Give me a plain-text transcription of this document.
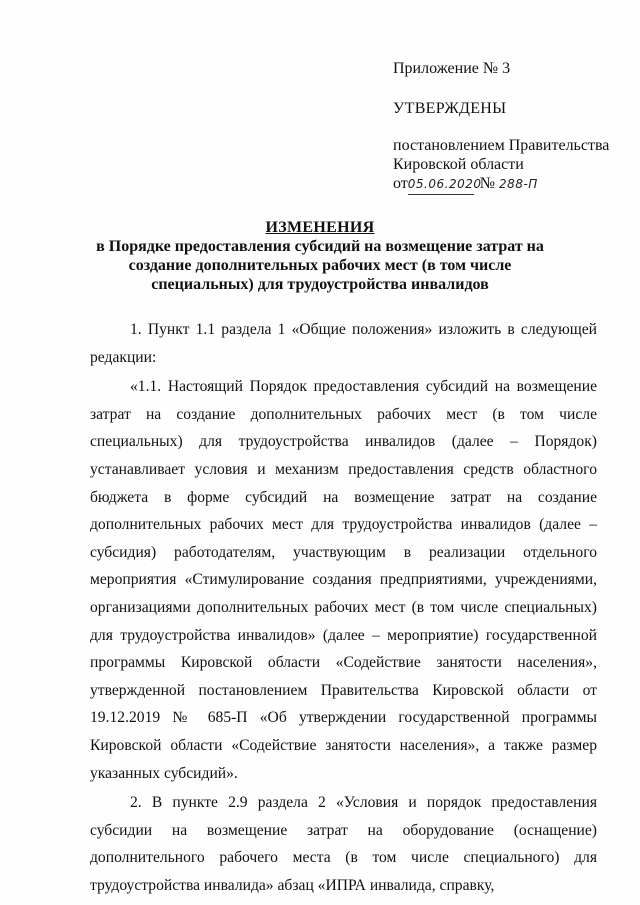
Приложение № 3
УТВЕРЖДЕНЫ
постановлением Правительства
Кировской области
от05.06.2020№ 288-П
ИЗМЕНЕНИЯ
в Порядке предоставления субсидий на возмещение затрат на создание дополнительных рабочих мест (в том числе специальных) для трудоустройства инвалидов

1. Пункт 1.1 раздела 1 «Общие положения» изложить в следующей редакции:

«1.1. Настоящий Порядок предоставления субсидий на возмещение затрат на создание дополнительных рабочих мест (в том числе специальных) для трудоустройства инвалидов (далее – Порядок) устанавливает условия и механизм предоставления средств областного бюджета в форме субсидий на возмещение затрат на создание дополнительных рабочих мест для трудоустройства инвалидов (далее – субсидия) работодателям, участвующим в реализации отдельного мероприятия «Стимулирование создания предприятиями, учреждениями, организациями дополнительных рабочих мест (в том числе специальных) для трудоустройства инвалидов» (далее – мероприятие) государственной программы Кировской области «Содействие занятости населения», утвержденной постановлением Правительства Кировской области от 19.12.2019 № 685-П «Об утверждении государственной программы Кировской области «Содействие занятости населения», а также размер указанных субсидий».

2. В пункте 2.9 раздела 2 «Условия и порядок предоставления субсидии на возмещение затрат на оборудование (оснащение) дополнительного рабочего места (в том числе специального) для трудоустройства инвалида» абзац «ИПРА инвалида, справку,
